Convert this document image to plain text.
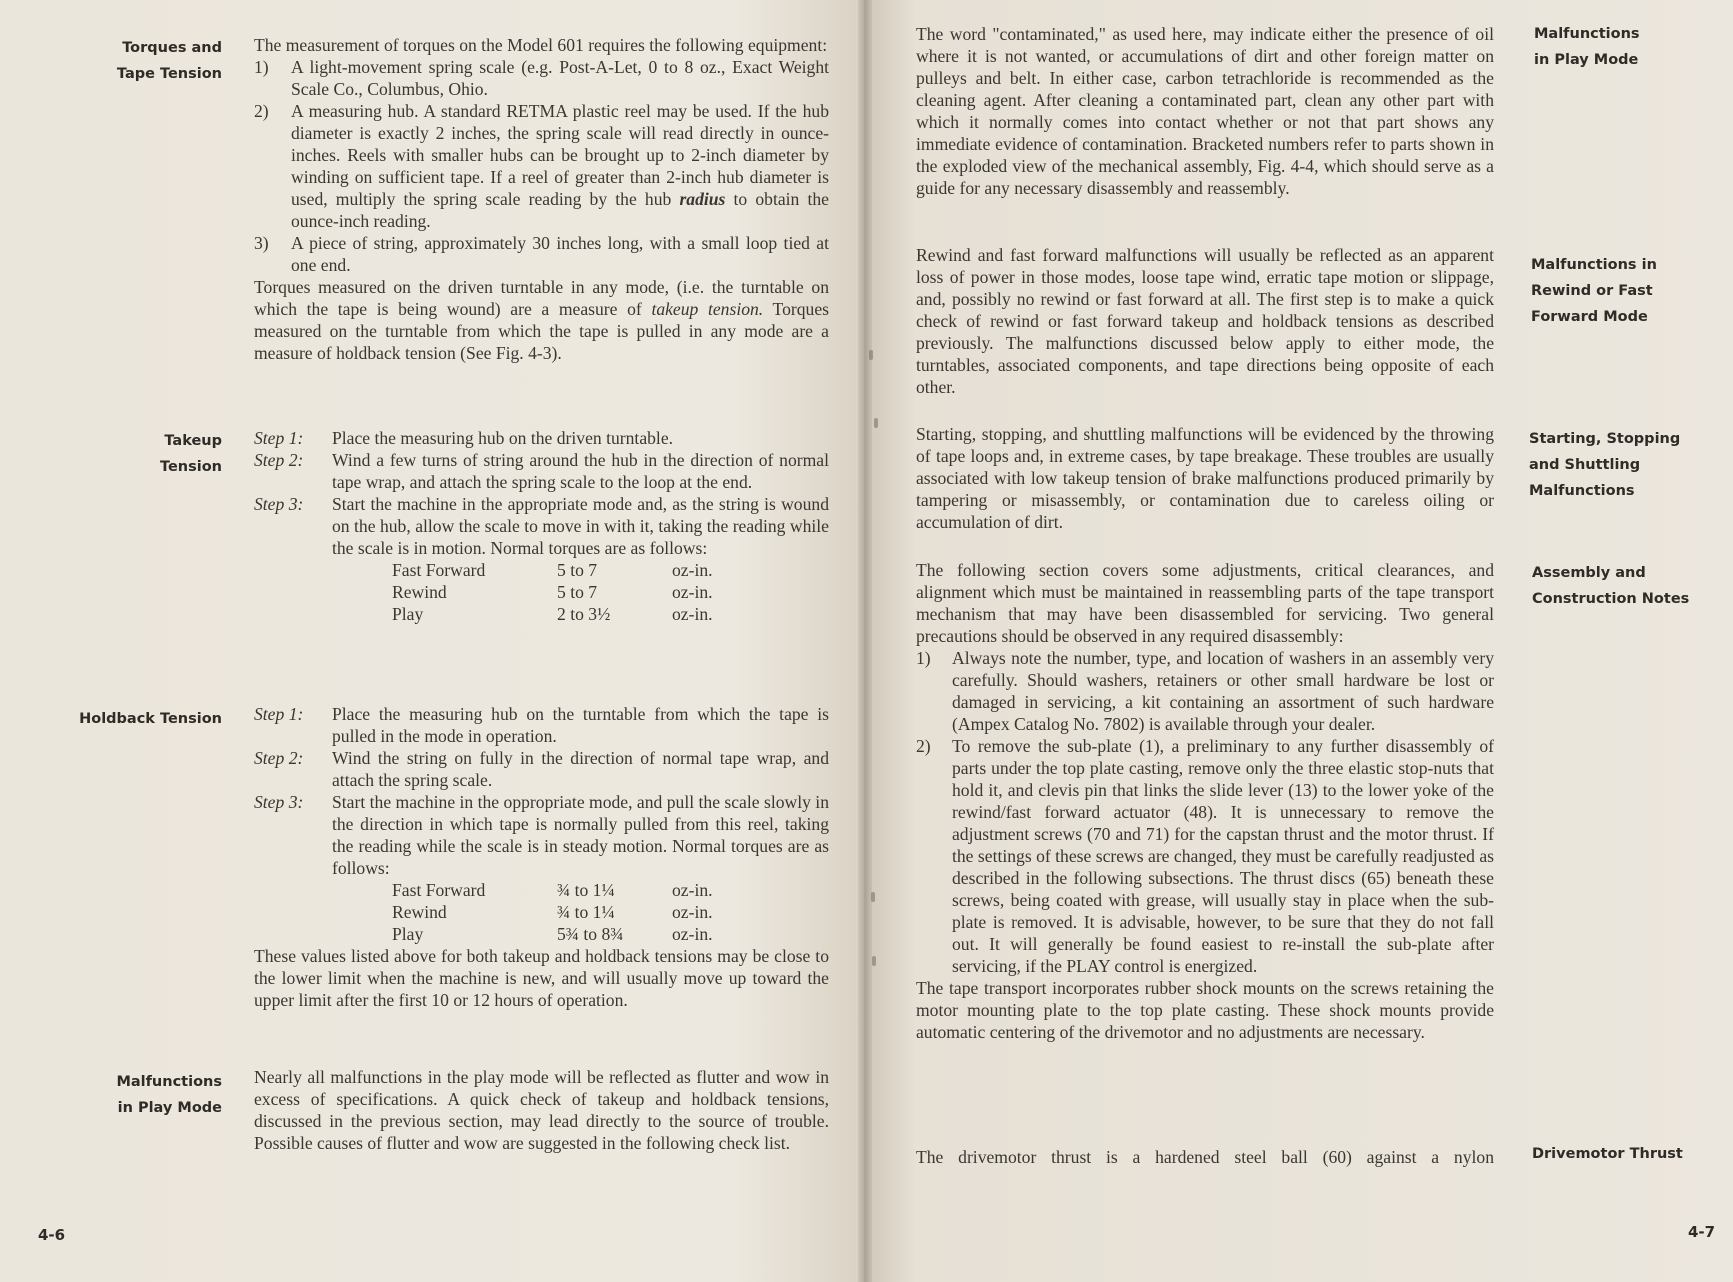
Torques and
Tape Tension

The measurement of torques on the Model 601 requires the following equipment:

1)	A light-movement spring scale (e.g. Post-A-Let, 0 to 8 oz., Exact Weight Scale Co., Columbus, Ohio.
2)	A measuring hub. A standard RETMA plastic reel may be used. If the hub diameter is exactly 2 inches, the spring scale will read directly in ounce-inches. Reels with smaller hubs can be brought up to 2-inch diameter by winding on sufficient tape. If a reel of greater than 2-inch hub diameter is used, multiply the spring scale reading by the hub radius to obtain the ounce-inch reading.
3)	A piece of string, approximately 30 inches long, with a small loop tied at one end.

Torques measured on the driven turntable in any mode, (i.e. the turntable on which the tape is being wound) are a measure of takeup tension. Torques measured on the turntable from which the tape is pulled in any mode are a measure of holdback tension (See Fig. 4-3).

Takeup
Tension
Step 1:	Place the measuring hub on the driven turntable.
Step 2:	Wind a few turns of string around the hub in the direction of normal tape wrap, and attach the spring scale to the loop at the end.
Step 3:	Start the machine in the appropriate mode and, as the string is wound on the hub, allow the scale to move in with it, taking the reading while the scale is in motion. Normal torques are as follows:
Fast Forward	5 to 7	oz-in.
Rewind	5 to 7	oz-in.
Play	2 to 3½	oz-in.
Holdback Tension Step 1:	Place the measuring hub on the turntable from which the tape is pulled in the mode in operation.
Step 2:	Wind the string on fully in the direction of normal tape wrap, and attach the spring scale.
Step 3:	Start the machine in the oppropriate mode, and pull the scale slowly in the direction in which tape is normally pulled from this reel, taking the reading while the scale is in steady motion. Normal torques are as follows:
Fast Forward	¾ to 1¼	oz-in.
Rewind	¾ to 1¼	oz-in.
Play	5¾ to 8¾	oz-in.

These values listed above for both takeup and holdback tensions may be close to the lower limit when the machine is new, and will usually move up toward the upper limit after the first 10 or 12 hours of operation.

Malfunctions
in Play Mode

Nearly all malfunctions in the play mode will be reflected as flutter and wow in excess of specifications. A quick check of takeup and holdback tensions, discussed in the previous section, may lead directly to the source of trouble. Possible causes of flutter and wow are suggested in the following check list.

4-6

The word "contaminated," as used here, may indicate either the presence of oil where it is not wanted, or accumulations of dirt and other foreign matter on pulleys and belt. In either case, carbon tetrachloride is recommended as the cleaning agent. After cleaning a contaminated part, clean any other part with which it normally comes into contact whether or not that part shows any immediate evidence of contamination. Bracketed numbers refer to parts shown in the exploded view of the mechanical assembly, Fig. 4-4, which should serve as a guide for any necessary disassembly and reassembly.

Malfunctions
in Play Mode

Rewind and fast forward malfunctions will usually be reflected as an apparent loss of power in those modes, loose tape wind, erratic tape motion or slippage, and, possibly no rewind or fast forward at all. The first step is to make a quick check of rewind or fast forward takeup and holdback tensions as described previously. The malfunctions discussed below apply to either mode, the turntables, associated components, and tape directions being opposite of each other.

Malfunctions in
Rewind or Fast
Forward Mode

Starting, stopping, and shuttling malfunctions will be evidenced by the throwing of tape loops and, in extreme cases, by tape breakage. These troubles are usually associated with low takeup tension of brake malfunctions produced primarily by tampering or misassembly, or contamination due to careless oiling or accumulation of dirt.

Starting, Stopping
and Shuttling
Malfunctions

The following section covers some adjustments, critical clearances, and alignment which must be maintained in reassembling parts of the tape transport mechanism that may have been disassembled for servicing. Two general precautions should be observed in any required disassembly:

1)	Always note the number, type, and location of washers in an assembly very carefully. Should washers, retainers or other small hardware be lost or damaged in servicing, a kit containing an assortment of such hardware (Ampex Catalog No. 7802) is available through your dealer.
2)	To remove the sub-plate (1), a preliminary to any further disassembly of parts under the top plate casting, remove only the three elastic stop-nuts that hold it, and clevis pin that links the slide lever (13) to the lower yoke of the rewind/fast forward actuator (48). It is unnecessary to remove the adjustment screws (70 and 71) for the capstan thrust and the motor thrust. If the settings of these screws are changed, they must be carefully readjusted as described in the following subsections. The thrust discs (65) beneath these screws, being coated with grease, will usually stay in place when the sub-plate is removed. It is advisable, however, to be sure that they do not fall out. It will generally be found easiest to re-install the sub-plate after servicing, if the PLAY control is energized.

The tape transport incorporates rubber shock mounts on the screws retaining the motor mounting plate to the top plate casting. These shock mounts provide automatic centering of the drivemotor and no adjustments are necessary.

Assembly and
Construction Notes

The drivemotor thrust is a hardened steel ball (60) against a nylon	Drivemotor Thrust
4-7
